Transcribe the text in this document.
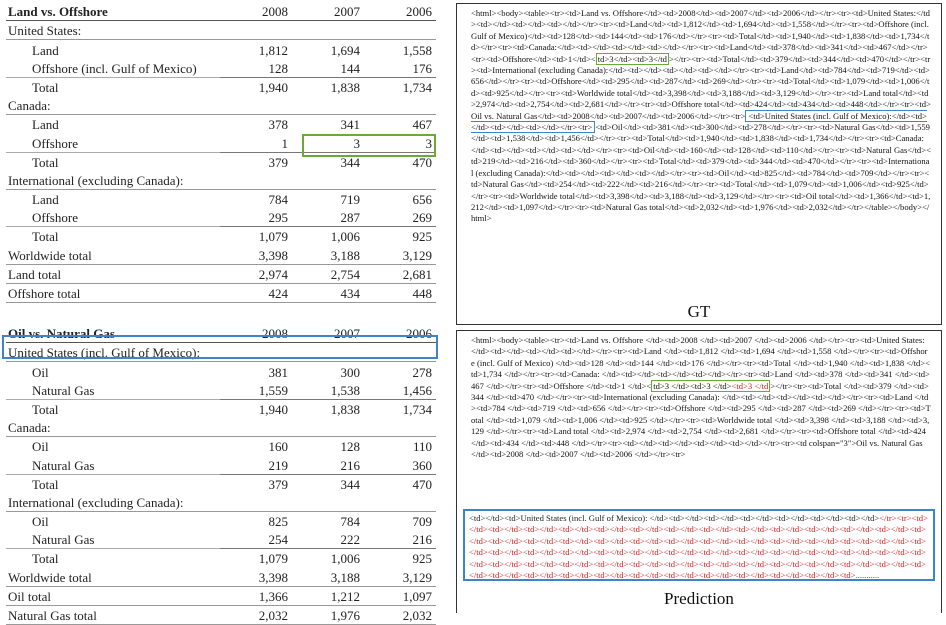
Land vs. Offshore	2008	2007	2006
United States:			
Land	1,812	1,694	1,558
Offshore (incl. Gulf of Mexico)	128	144	176
Total	1,940	1,838	1,734
Canada:			
Land	378	341	467
Offshore	1	3	3
Total	379	344	470
International (excluding Canada):			
Land	784	719	656
Offshore	295	287	269
Total	1,079	1,006	925
Worldwide total	3,398	3,188	3,129
Land total	2,974	2,754	2,681
Offshore total	424	434	448
Oil vs. Natural Gas	2008	2007	2006
United States (incl. Gulf of Mexico):			
Oil	381	300	278
Natural Gas	1,559	1,538	1,456
Total	1,940	1,838	1,734
Canada:			
Oil	160	128	110
Natural Gas	219	216	360
Total	379	344	470
International (excluding Canada):			
Oil	825	784	709
Natural Gas	254	222	216
Total	1,079	1,006	925
Worldwide total	3,398	3,188	3,129
Oil total	1,366	1,212	1,097
Natural Gas total	2,032	1,976	2,032
<html><body><table><tr><td>Land vs. Offshore</td><td>2008</td><td>2007</td><td>2006</td></tr><tr><td>United States:</td><td></td><td></td><td></td></tr><tr><td>Land</td><td>1,812</td><td>1,694</td><td>1,558</td></tr><tr><td>Offshore (incl. Gulf of Mexico)</td><td>128</td><td>144</td><td>176</td></tr><tr><td>Total</td><td>1,940</td><td>1,838</td><td>1,734</td></tr><tr><td>Canada:</td><td></td><td></td><td></td></tr><tr><td>Land</td><td>378</td><td>341</td><td>467</td></tr><tr><td>Offshore</td><td>1</td>< td>3</td><td>3</td ></tr><tr><td>Total</td><td>379</td><td>344</td><td>470</td></tr><tr><td>International (excluding Canada):</td><td></td><td></td><td></td></tr><tr><td>Land</td><td>784</td><td>719</td><td>656</td></tr><tr><td>Offshore</td><td>295</td><td>287</td><td>269</td></tr><tr><td>Total</td><td>1,079</td><td>1,006</td><td>925</td></tr><tr><td>Worldwide total</td><td>3,398</td><td>3,188</td><td>3,129</td></tr><tr><td>Land total</td><td>2,974</td><td>2,754</td><td>2,681</td></tr><tr><td>Offshore total</td><td>424</td><td>434</td><td>448</td></tr><tr><td>Oil vs. Natural Gas</td><td>2008</td><td>2007</td><td>2006</td></tr><tr> <td>United States (incl. Gulf of Mexico):</td><td></td><td></td><td></td></tr><tr> <td>Oil</td><td>381</td><td>300</td><td>278</td></tr><tr><td>Natural Gas</td><td>1,559</td><td>1,538</td><td>1,456</td></tr><tr><td>Total</td><td>1,940</td><td>1,838</td><td>1,734</td></tr><tr><td>Canada:</td><td></td><td></td><td></td></tr><tr><td>Oil</td><td>160</td><td>128</td><td>110</td></tr><tr><td>Natural Gas</td><td>219</td><td>216</td><td>360</td></tr><tr><td>Total</td><td>379</td><td>344</td><td>470</td></tr><tr><td>International (excluding Canada):</td><td></td><td></td><td></td></tr><tr><td>Oil</td><td>825</td><td>784</td><td>709</td></tr><tr><td>Natural Gas</td><td>254</td><td>222</td><td>216</td></tr><tr><td>Total</td><td>1,079</td><td>1,006</td><td>925</td></tr><tr><td>Worldwide total</td><td>3,398</td><td>3,188</td><td>3,129</td></tr><tr><td>Oil total</td><td>1,366</td><td>1,212</td><td>1,097</td></tr><tr><td>Natural Gas total</td><td>2,032</td><td>1,976</td><td>2,032</td></tr></table></body></html>
GT
<html><body><table><tr><td>Land vs. Offshore </td><td>2008 </td><td>2007 </td><td>2006 </td></tr><tr><td>United States: </td><td></td><td></td><td></td></tr><tr><td>Land </td><td>1,812 </td><td>1,694 </td><td>1,558 </td></tr><tr><td>Offshore (incl. Gulf of Mexico) </td><td>128 </td><td>144 </td><td>176 </td></tr><tr><td>Total </td><td>1,940 </td><td>1,838 </td><td>1,734 </td></tr><tr><td>Canada: </td><td></td><td></td><td></td></tr><tr><td>Land </td><td>378 </td><td>341 </td><td>467 </td></tr><tr><td>Offshore </td><td>1 </td>< td>3 </td><td>3 </td><td>3 </td ></tr><tr><td>Total </td><td>379 </td><td>344 </td><td>470 </td></tr><tr><td>International (excluding Canada): </td><td></td><td></td><td></td></tr><tr><td>Land </td><td>784 </td><td>719 </td><td>656 </td></tr><tr><td>Offshore </td><td>295 </td><td>287 </td><td>269 </td></tr><tr><td>Total </td><td>1,079 </td><td>1,006 </td><td>925 </td></tr><tr><td>Worldwide total </td><td>3,398 </td><td>3,188 </td><td>3,129 </td></tr><tr><td>Land total </td><td>2,974 </td><td>2,754 </td><td>2,681 </td></tr><tr><td>Offshore total </td><td>424 </td><td>434 </td><td>448 </td></tr><tr><td></td><td></td><td></td><td></td></tr><tr><td colspan="3">Oil vs. Natural Gas </td><td>2008 </td><td>2007 </td><td>2006 </td></tr><tr>
<td></td><td>United States (incl. Gulf of Mexico): </td><td></td><td></td><td></td><td></td><td></td><td></td></tr><tr><td></td><td></td><td></td><td></td><td></td><td></td><td></td><td></td><td></td><td></td><td></td><td></td><td></td><td></td><td></td><td></td><td></td><td></td><td></td><td></td><td></td><td></td><td></td><td></td><td></td><td></td><td></td><td></td><td></td><td></td><td></td><td></td><td></td><td></td><td></td><td></td><td></td><td></td><td></td><td></td><td></td><td></td><td></td><td></td><td></td><td></td><td></td><td></td><td></td><td></td><td></td><td></td><td></td><td></td><td></td><td></td><td></td><td></td><td></td><td></td><td></td><td></td><td></td><td>...........
Prediction
